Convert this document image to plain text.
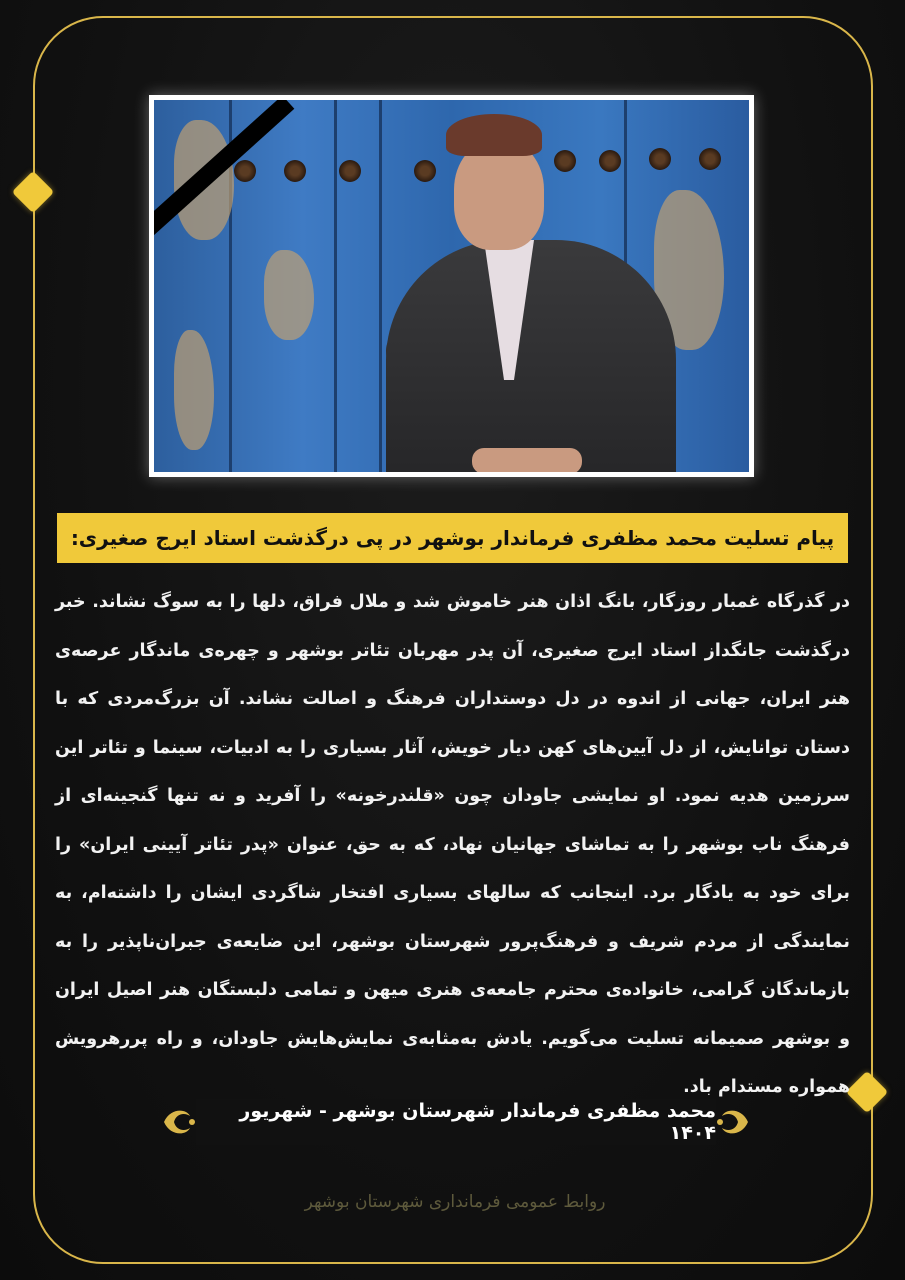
پیام تسلیت محمد مظفری فرماندار بوشهر در پی درگذشت استاد ایرج صغیری:

در گذرگاه غمبار روزگار، بانگ اذان هنر خاموش شد و ملال فراق، دلها را به سوگ نشاند. خبر درگذشت جانگداز استاد ایرج صغیری، آن پدر مهربان تئاتر بوشهر و چهره‌ی ماندگار عرصه‌ی هنر ایران، جهانی از اندوه در دل دوستداران فرهنگ و اصالت نشاند. آن بزرگ‌مردی که با دستان توانایش، از دل آیین‌های کهن دیار خویش، آثار بسیاری را به ادبیات، سینما و تئاتر این سرزمین هدیه نمود. او نمایشی جاودان چون «قلندرخونه» را آفرید و نه تنها گنجینه‌ای از فرهنگ ناب بوشهر را به تماشای جهانیان نهاد، که به حق، عنوان «پدر تئاتر آیینی ایران» را برای خود به یادگار برد. اینجانب که سالهای بسیاری افتخار شاگردی ایشان را داشته‌ام، به نمایندگی از مردم شریف و فرهنگ‌پرور شهرستان بوشهر، این ضایعه‌ی جبران‌ناپذیر را به بازماندگان گرامی، خانواده‌ی محترم جامعه‌ی هنری میهن و تمامی دلبستگان هنر اصیل ایران و بوشهر صمیمانه تسلیت می‌گویم. یادش به‌مثابه‌ی نمایش‌هایش جاودان، و راه پررهرویش همواره مستدام باد.

محمد مظفری فرماندار شهرستان بوشهر - شهریور ۱۴۰۴
روابط عمومی فرمانداری شهرستان بوشهر
